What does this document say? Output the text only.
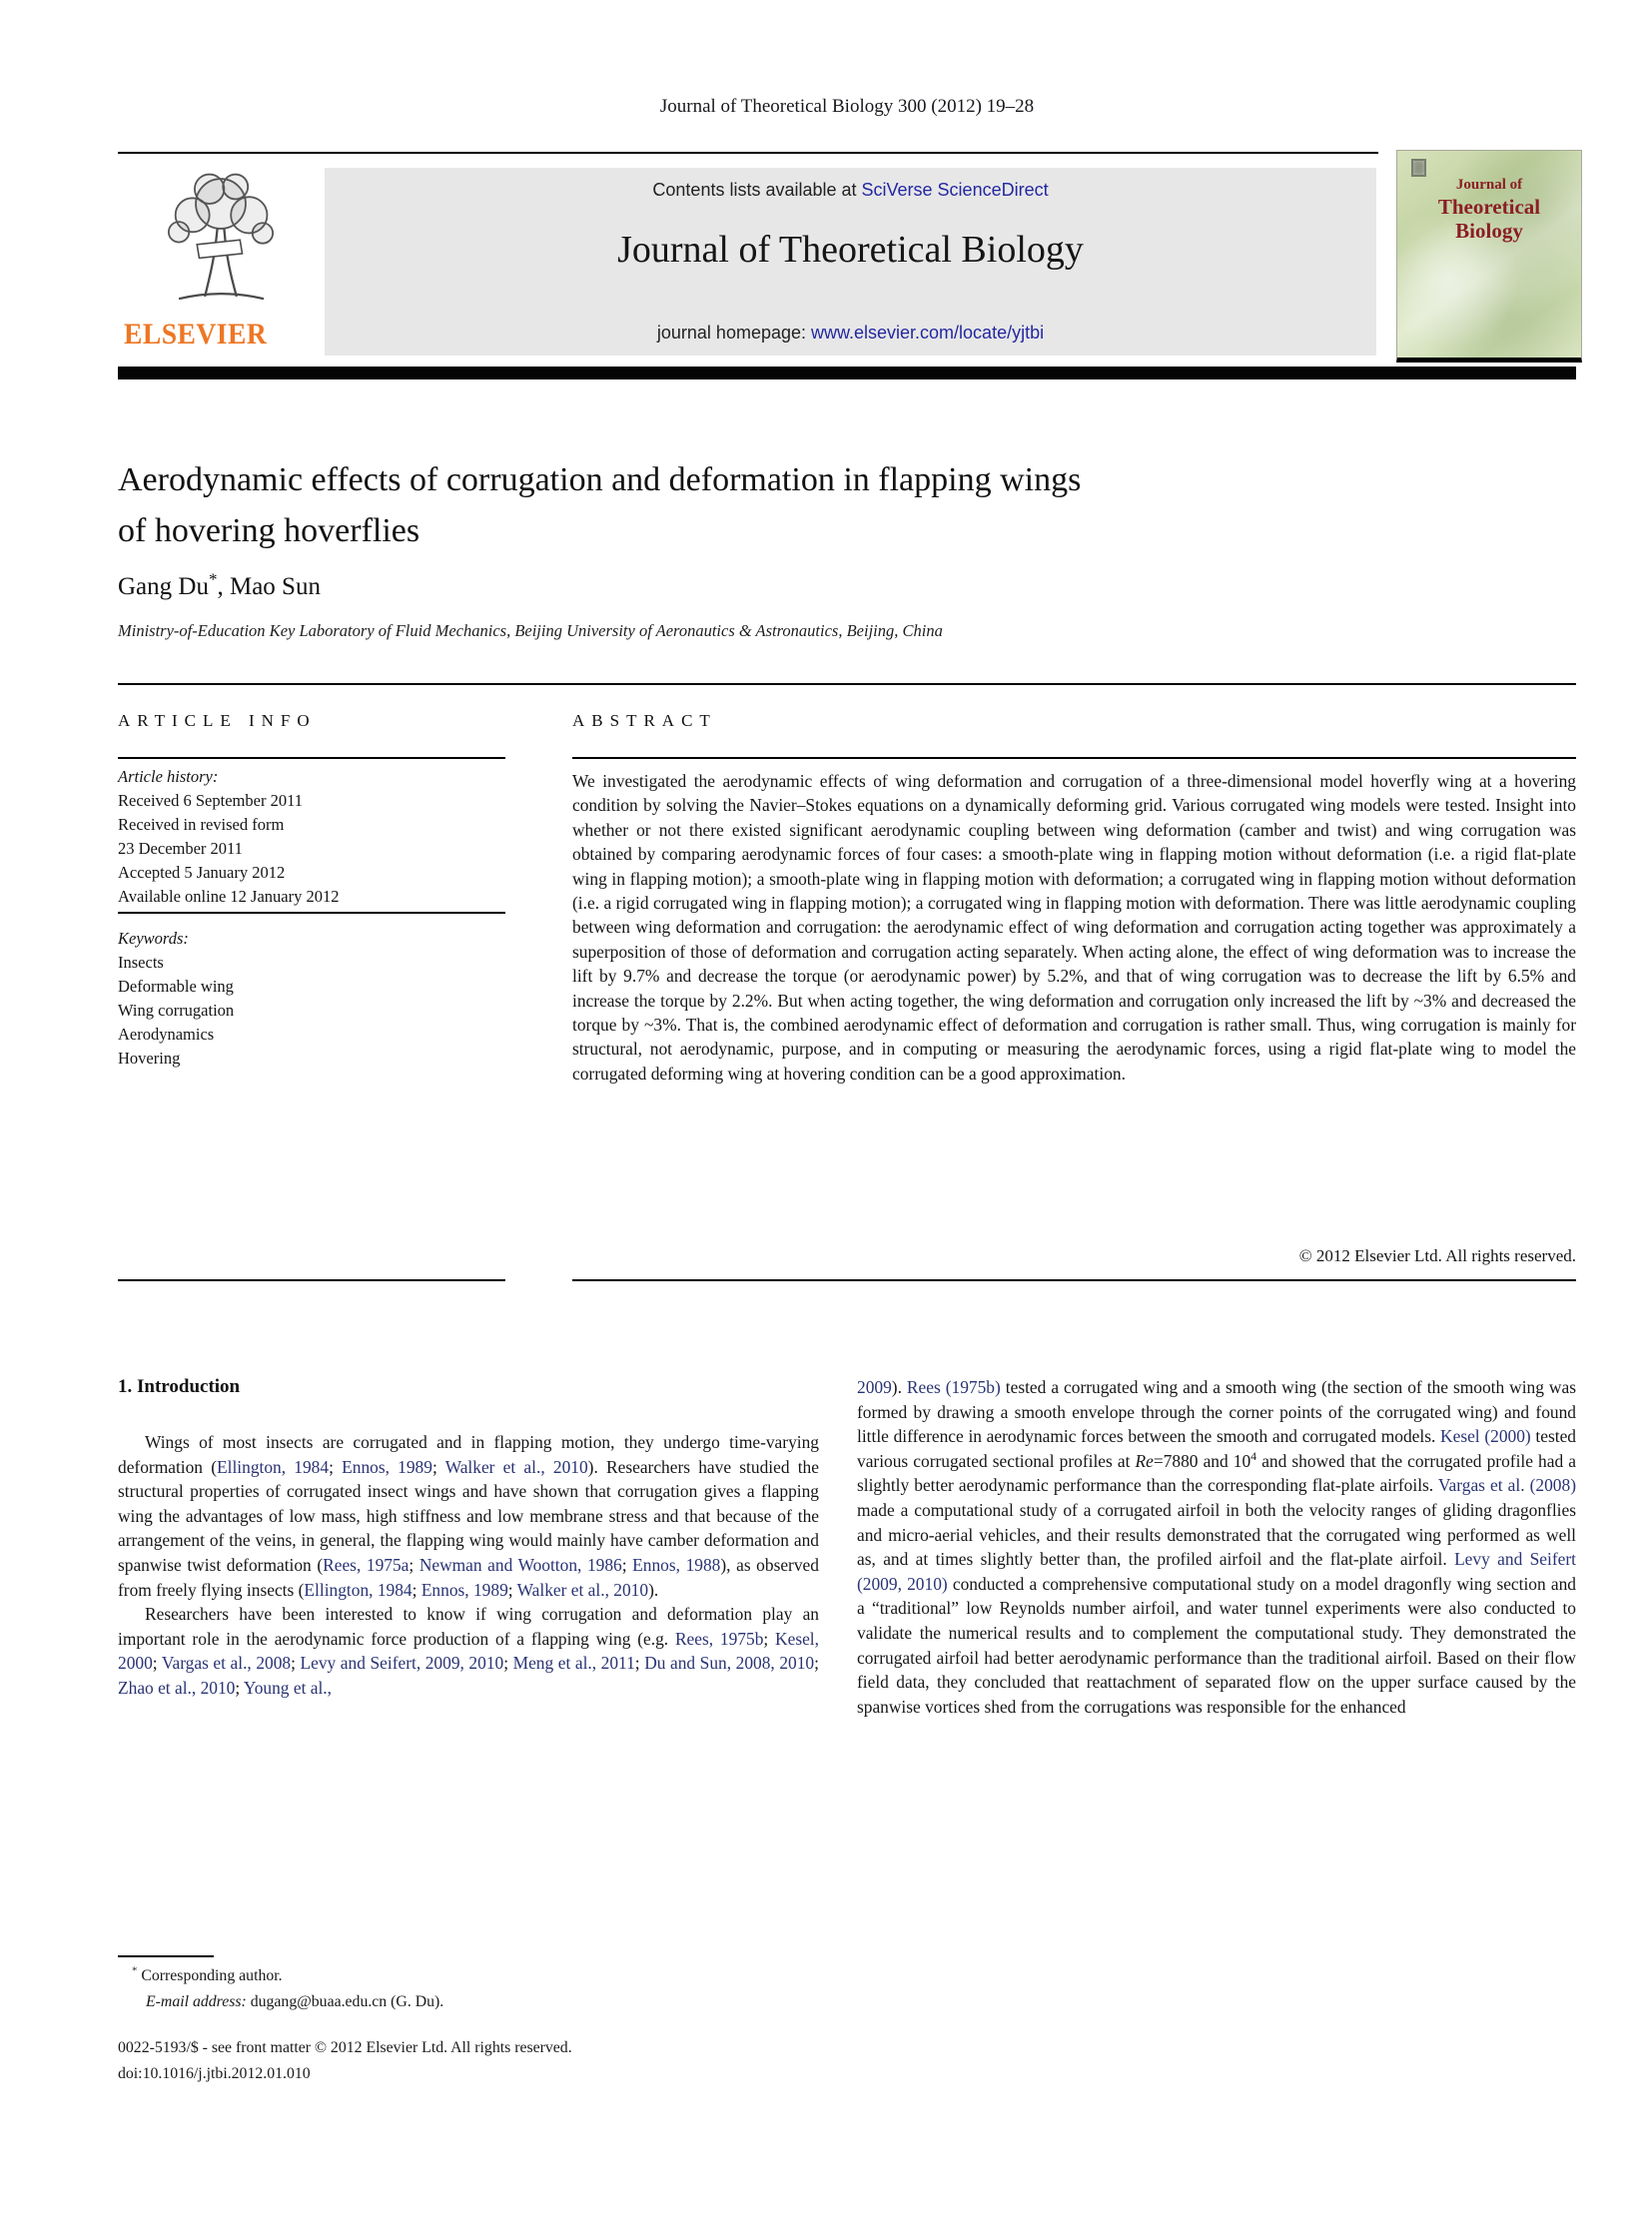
Journal of Theoretical Biology 300 (2012) 19–28
ELSEVIER
Contents lists available at SciVerse ScienceDirect
Journal of Theoretical Biology
journal homepage: www.elsevier.com/locate/yjtbi
Journal of
Theoretical
Biology
Aerodynamic effects of corrugation and deformation in flapping wings
of hovering hoverflies
Gang Du*, Mao Sun
Ministry-of-Education Key Laboratory of Fluid Mechanics, Beijing University of Aeronautics & Astronautics, Beijing, China
ARTICLE INFO
Article history:
Received 6 September 2011
Received in revised form
23 December 2011
Accepted 5 January 2012
Available online 12 January 2012
Keywords:
Insects
Deformable wing
Wing corrugation
Aerodynamics
Hovering
ABSTRACT
We investigated the aerodynamic effects of wing deformation and corrugation of a three-dimensional model hoverfly wing at a hovering condition by solving the Navier–Stokes equations on a dynamically deforming grid. Various corrugated wing models were tested. Insight into whether or not there existed significant aerodynamic coupling between wing deformation (camber and twist) and wing corrugation was obtained by comparing aerodynamic forces of four cases: a smooth-plate wing in flapping motion without deformation (i.e. a rigid flat-plate wing in flapping motion); a smooth-plate wing in flapping motion with deformation; a corrugated wing in flapping motion without deformation (i.e. a rigid corrugated wing in flapping motion); a corrugated wing in flapping motion with deformation. There was little aerodynamic coupling between wing deformation and corrugation: the aerodynamic effect of wing deformation and corrugation acting together was approximately a superposition of those of deformation and corrugation acting separately. When acting alone, the effect of wing deformation was to increase the lift by 9.7% and decrease the torque (or aerodynamic power) by 5.2%, and that of wing corrugation was to decrease the lift by 6.5% and increase the torque by 2.2%. But when acting together, the wing deformation and corrugation only increased the lift by ~3% and decreased the torque by ~3%. That is, the combined aerodynamic effect of deformation and corrugation is rather small. Thus, wing corrugation is mainly for structural, not aerodynamic, purpose, and in computing or measuring the aerodynamic forces, using a rigid flat-plate wing to model the corrugated deforming wing at hovering condition can be a good approximation.
© 2012 Elsevier Ltd. All rights reserved.
1. Introduction

Wings of most insects are corrugated and in flapping motion, they undergo time-varying deformation (Ellington, 1984; Ennos, 1989; Walker et al., 2010). Researchers have studied the structural properties of corrugated insect wings and have shown that corrugation gives a flapping wing the advantages of low mass, high stiffness and low membrane stress and that because of the arrangement of the veins, in general, the flapping wing would mainly have camber deformation and spanwise twist deformation (Rees, 1975a; Newman and Wootton, 1986; Ennos, 1988), as observed from freely flying insects (Ellington, 1984; Ennos, 1989; Walker et al., 2010).

Researchers have been interested to know if wing corrugation and deformation play an important role in the aerodynamic force production of a flapping wing (e.g. Rees, 1975b; Kesel, 2000; Vargas et al., 2008; Levy and Seifert, 2009, 2010; Meng et al., 2011; Du and Sun, 2008, 2010; Zhao et al., 2010; Young et al.,

2009). Rees (1975b) tested a corrugated wing and a smooth wing (the section of the smooth wing was formed by drawing a smooth envelope through the corner points of the corrugated wing) and found little difference in aerodynamic forces between the smooth and corrugated models. Kesel (2000) tested various corrugated sectional profiles at Re=7880 and $10^4$ and showed that the corrugated profile had a slightly better aerodynamic performance than the corresponding flat-plate airfoils. Vargas et al. (2008) made a computational study of a corrugated airfoil in both the velocity ranges of gliding dragonflies and micro-aerial vehicles, and their results demonstrated that the corrugated wing performed as well as, and at times slightly better than, the profiled airfoil and the flat-plate airfoil. Levy and Seifert (2009, 2010) conducted a comprehensive computational study on a model dragonfly wing section and a “traditional” low Reynolds number airfoil, and water tunnel experiments were also conducted to validate the numerical results and to complement the computational study. They demonstrated the corrugated airfoil had better aerodynamic performance than the traditional airfoil. Based on their flow field data, they concluded that reattachment of separated flow on the upper surface caused by the spanwise vortices shed from the corrugations was responsible for the enhanced

* Corresponding author.
E-mail address: dugang@buaa.edu.cn (G. Du).
0022-5193/$ - see front matter © 2012 Elsevier Ltd. All rights reserved.
doi:10.1016/j.jtbi.2012.01.010
